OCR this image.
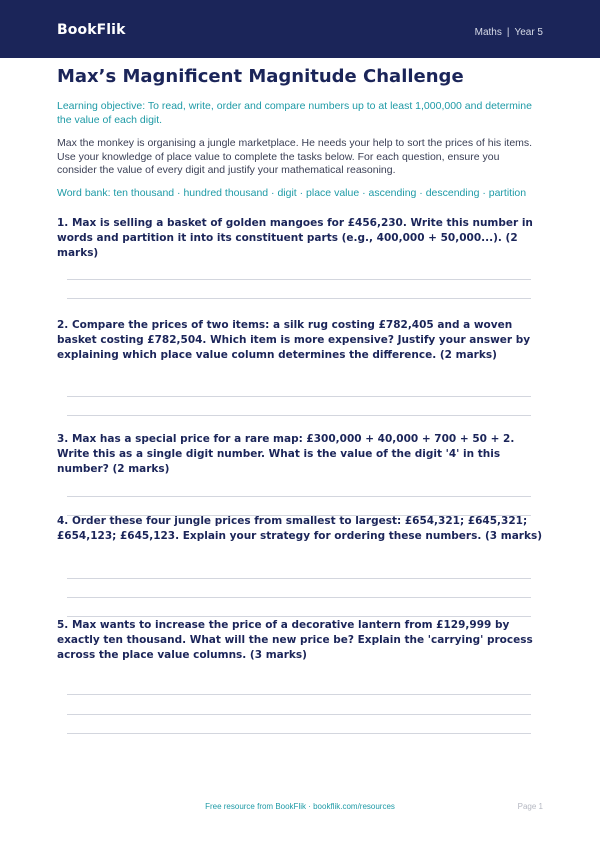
BookFlik	Maths | Year 5
Max’s Magnificent Magnitude Challenge
Learning objective: To read, write, order and compare numbers up to at least 1,000,000 and determine the value of each digit.
Max the monkey is organising a jungle marketplace. He needs your help to sort the prices of his items. Use your knowledge of place value to complete the tasks below. For each question, ensure you consider the value of every digit and justify your mathematical reasoning.
Word bank: ten thousand · hundred thousand · digit · place value · ascending · descending · partition
1. Max is selling a basket of golden mangoes for £456,230. Write this number in words and partition it into its constituent parts (e.g., 400,000 + 50,000...). (2 marks)
2. Compare the prices of two items: a silk rug costing £782,405 and a woven basket costing £782,504. Which item is more expensive? Justify your answer by explaining which place value column determines the difference. (2 marks)
3. Max has a special price for a rare map: £300,000 + 40,000 + 700 + 50 + 2. Write this as a single digit number. What is the value of the digit '4' in this number? (2 marks)
4. Order these four jungle prices from smallest to largest: £654,321; £645,321; £654,123; £645,123. Explain your strategy for ordering these numbers. (3 marks)
5. Max wants to increase the price of a decorative lantern from £129,999 by exactly ten thousand. What will the new price be? Explain the 'carrying' process across the place value columns. (3 marks)
Free resource from BookFlik · bookflik.com/resources	Page 1
